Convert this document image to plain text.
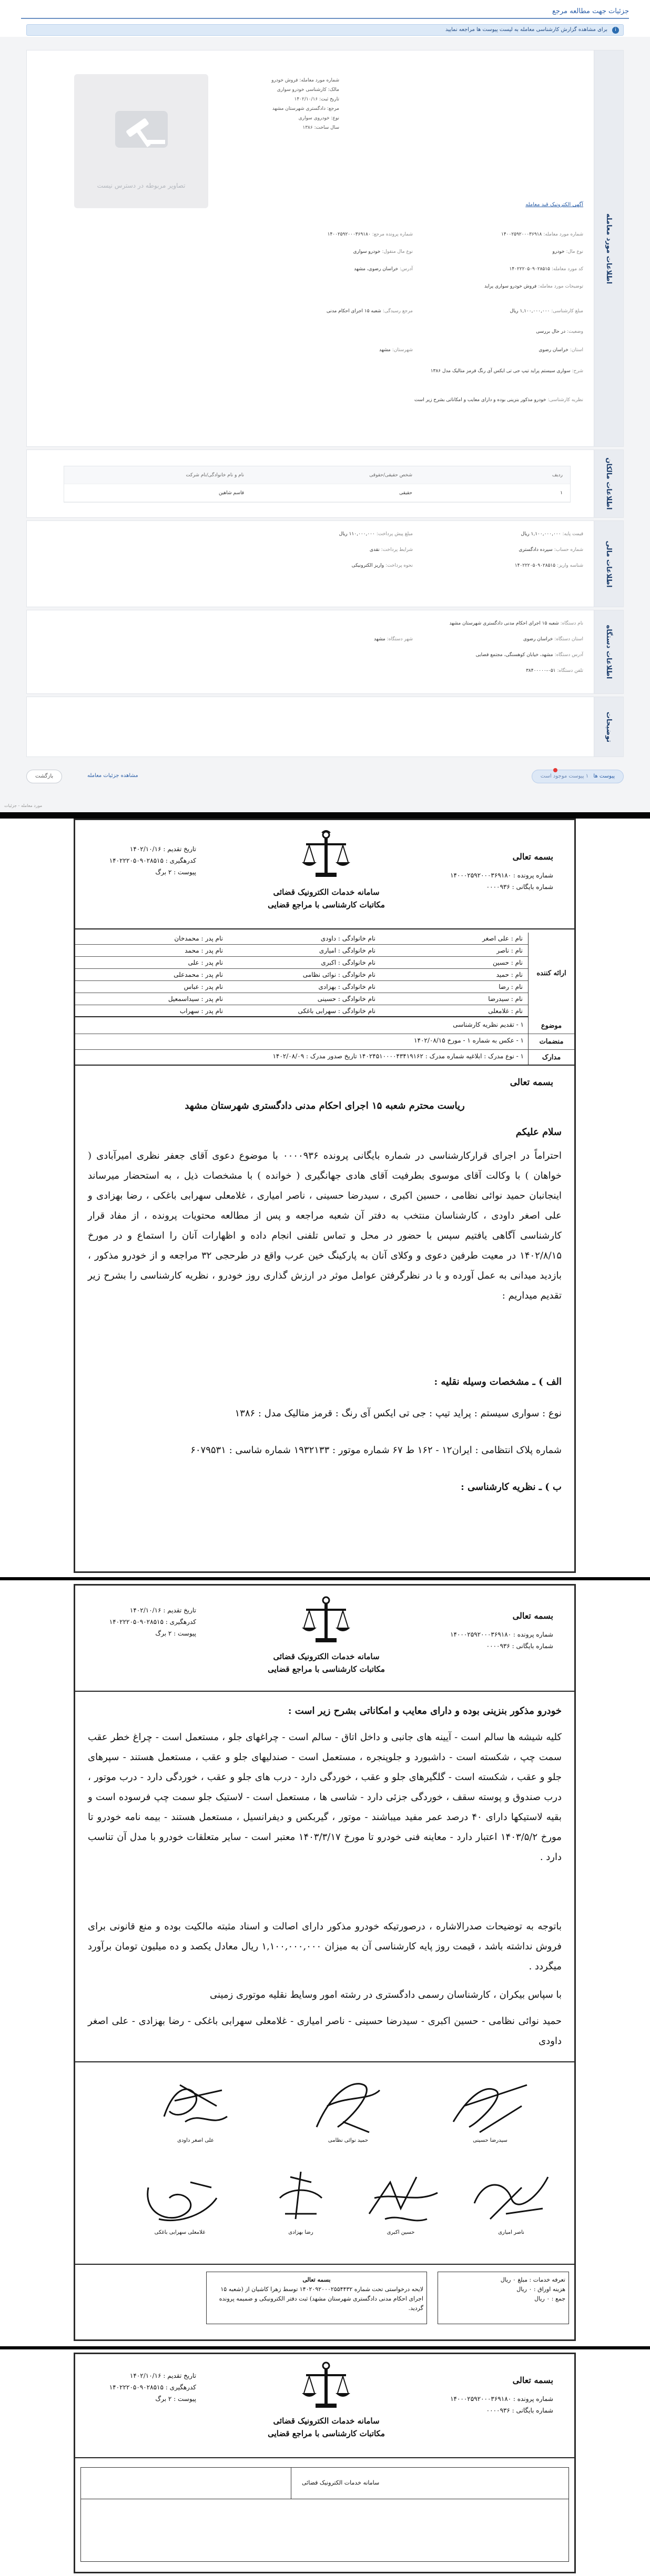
جزئیات جهت مطالعه مرجع
i
برای مشاهده گزارش کارشناسی معامله به لیست پیوست ها مراجعه نمایید
اطلاعات مورد معامله
تصاویر مربوطه در دسترس نیست
شماره مورد معامله: فروش خودرو
مالک: کارشناسی خودرو سواری
تاریخ ثبت: ۱۴۰۲/۱۰/۱۶
مرجع: دادگستری شهرستان مشهد
نوع: خودروی سواری
سال ساخت: ۱۳۸۶
آگهی الکترونیک قید معامله
شماره مورد معامله:۱۴۰۰۲۵۹۲۰۰۰۳۶۹۱۸
شماره پرونده مرجع:۱۴۰۰۲۵۹۲۰۰۰۳۶۹۱۸۰
نوع مال:خودرو
نوع مال منقول:خودرو سواری
کد مورد معامله:۱۴۰۲۲۲۰۵۰۹۰۲۸۵۱۵
آدرس:خراسان رضوی، مشهد
توضیحات مورد معامله:فروش خودرو سواری پراید
مبلغ کارشناسی:۱,۱۰۰,۰۰۰,۰۰۰ ریال
مرجع رسیدگی:شعبه ۱۵ اجرای احکام مدنی
وضعیت:در حال بررسی
استان:خراسان رضوی
شهرستان:مشهد
شرح:سواری سیستم پراید تیپ جی تی ایکس آی رنگ قرمز متالیک مدل ۱۳۸۶
نظریه کارشناسی:خودرو مذکور بنزینی بوده و دارای معایب و امکاناتی بشرح زیر است
اطلاعات مالکان
ردیف
شخص حقیقی/حقوقی
نام و نام خانوادگی/نام شرکت
۱
حقیقی
قاسم شاهین
اطلاعات مالی
قیمت پایه:۱,۱۰۰,۰۰۰,۰۰۰ ریال
مبلغ پیش پرداخت:۱۱۰,۰۰۰,۰۰۰ ریال
شماره حساب:سپرده دادگستری
شرایط پرداخت:نقدی
شناسه واریز:۱۴۰۲۲۲۰۵۰۹۰۲۸۵۱۵
نحوه پرداخت:واریز الکترونیکی
اطلاعات دستگاه
نام دستگاه:شعبه ۱۵ اجرای احکام مدنی دادگستری شهرستان مشهد
استان دستگاه:خراسان رضوی
شهر دستگاه:مشهد
آدرس دستگاه:مشهد، خیابان کوهسنگی، مجتمع قضایی
تلفن دستگاه:۰۵۱-۳۸۴۰۰۰۰۰
توضیحات
بازگشت	مشاهده جزئیات معامله	پیوست ها ۱ پیوست موجود است
مورد معامله - جزئیات
بسمه تعالی
شماره پرونده : ۱۴۰۰۰۲۵۹۲۰۰۰۳۶۹۱۸۰
شماره بایگانی : ۰۰۰۰۹۳۶
تاریخ تقدیم : ۱۴۰۲/۱۰/۱۶
کدرهگیری : ۱۴۰۲۲۲۰۵۰۹۰۲۸۵۱۵
پیوست : ۲ برگ
سامانه خدمات الکترونیک قضائی
مکاتبات کارشناسی با مراجع قضایی
ارائه کننده
نام : علی اصغر
نام خانوادگی : داودی
نام پدر : محمدخان
نام : ناصر
نام خانوادگی : امیاری
نام پدر : محمد
نام : حسین
نام خانوادگی : اکبری
نام پدر : علی
نام : حمید
نام خانوادگی : نوائی نظامی
نام پدر : محمدعلی
نام : رضا
نام خانوادگی : بهزادی
نام پدر : عباس
نام : سیدرضا
نام خانوادگی : حسینی
نام پدر : سیداسمعیل
نام : غلامعلی
نام خانوادگی : سهرابی باغکی
نام پدر : سهراب
موضوع
۱ - تقدیم نظریه کارشناسی
منضمات
۱ - عکس به شماره ۱ - مورخ ۱۴۰۲/۰۸/۱۵
مدارک
۱ - نوع مدرک : ابلاغیه شماره مدرک : ۱۴۰۲۴۵۱۰۰۰۰۴۳۴۱۹۱۶۲ تاریخ صدور مدرک : ۱۴۰۲/۰۸/۰۹

بسمه تعالی

ریاست محترم شعبه ۱۵ اجرای احکام مدنی دادگستری شهرستان مشهد

سلام علیکم

احتراماً در اجرای قرارکارشناسی در شماره بایگانی پرونده ۰۰۰۰۹۳۶ با موضوع دعوی آقای جعفر نظری امیرآبادی ( خواهان ) با وکالت آقای موسوی بطرفیت آقای هادی جهانگیری ( خوانده ) با مشخصات ذیل ، به استحضار میرساند اینجانبان حمید نوائی نظامی ، حسین اکبری ، سیدرضا حسینی ، ناصر امیاری ، غلامعلی سهرابی باغکی ، رضا بهزادی و علی اصغر داودی ، کارشناسان منتخب به دفتر آن شعبه مراجعه و پس از مطالعه محتویات پرونده ، از مفاد قرار کارشناسی آگاهی یافتیم سپس با حضور در محل و تماس تلفنی انجام داده و اظهارات آنان را استماع و در مورخ ۱۴۰۲/۸/۱۵ در معیت طرفین دعوی و وکلای آنان به پارکینگ خین عرب واقع در طرحجی ۳۲ مراجعه و از خودرو مذکور ، بازدید میدانی به عمل آورده و با در نظرگرفتن عوامل موثر در ارزش گذاری روز خودرو ، نظریه کارشناسی را بشرح زیر تقدیم میداریم :

الف ) ـ مشخصات وسیله نقلیه :

نوع : سواری سیستم : پراید تیپ : جی تی ایکس آی رنگ : قرمز متالیک مدل : ۱۳۸۶

شماره پلاک انتظامی : ایران۱۲ - ۱۶۲ ط ۶۷ شماره موتور : ۱۹۳۲۱۳۳ شماره شاسی : ۶۰۷۹۵۳۱

ب ) ـ نظریه کارشناسی :

بسمه تعالی
شماره پرونده : ۱۴۰۰۰۲۵۹۲۰۰۰۳۶۹۱۸۰
شماره بایگانی : ۰۰۰۰۹۳۶
تاریخ تقدیم : ۱۴۰۲/۱۰/۱۶
کدرهگیری : ۱۴۰۲۲۲۰۵۰۹۰۲۸۵۱۵
پیوست : ۲ برگ
سامانه خدمات الکترونیک قضائی
مکاتبات کارشناسی با مراجع قضایی

خودرو مذکور بنزینی بوده و دارای معایب و امکاناتی بشرح زیر است :

کلیه شیشه ها سالم است - آیینه های جانبی و داخل اتاق - سالم است - چراغهای جلو ، مستعمل است - چراغ خطر عقب سمت چپ ، شکسته است - داشبورد و جلوپنجره ، مستعمل است - صندلیهای جلو و عقب ، مستعمل هستند - سپرهای جلو و عقب ، شکسته است - گلگیرهای جلو و عقب ، خوردگی دارد - درب های جلو و عقب ، خوردگی دارد - درب موتور ، درب صندوق و پوسته سقف ، خوردگی جزئی دارد - شاسی ها ، مستعمل است - لاستیک جلو سمت چپ فرسوده است و بقیه لاستیکها دارای ۴۰ درصد عمر مفید میباشند - موتور ، گیربکس و دیفرانسیل ، مستعمل هستند - بیمه نامه خودرو تا مورخ ۱۴۰۳/۵/۲ اعتبار دارد - معاینه فنی خودرو تا مورخ ۱۴۰۳/۳/۱۷ معتبر است - سایر متعلقات خودرو با مدل آن تناسب دارد .

باتوجه به توضیحات صدرالاشاره ، درصورتیکه خودرو مذکور دارای اصالت و اسناد مثبته مالکیت بوده و منع قانونی برای فروش نداشته باشد ، قیمت روز پایه کارشناسی آن به میزان ۱,۱۰۰,۰۰۰,۰۰۰ ریال معادل یکصد و ده میلیون تومان برآورد میگردد .

با سپاس بیکران ، کارشناسان رسمی دادگستری در رشته امور وسایط نقلیه موتوری زمینی

حمید نوائی نظامی - حسین اکبری - سیدرضا حسینی - ناصر امیاری - غلامعلی سهرابی باغکی - رضا بهزادی - علی اصغر داودی

سیدرضا حسینی
حمید نوائی نظامی
علی اصغر داودی
ناصر امیاری
حسین اکبری
رضا بهزادی
غلامعلی سهرابی باغکی
تعرفه خدمات : مبلغ ۰ ریال
هزینه اوراق : ۰ ریال
جمع : ۰ ریال
بسمه تعالی
لایحه درخواستی تحت شماره ۱۴۰۲۰۹۲۰۰۰۲۵۵۴۴۳۲ توسط زهرا کاشیان از (شعبه ۱۵ اجرای احکام مدنی دادگستری شهرستان مشهد) ثبت دفتر الکترونیکی و ضمیمه پرونده گردید.
بسمه تعالی
شماره پرونده : ۱۴۰۰۰۲۵۹۲۰۰۰۳۶۹۱۸۰
شماره بایگانی : ۰۰۰۰۹۳۶
تاریخ تقدیم : ۱۴۰۲/۱۰/۱۶
کدرهگیری : ۱۴۰۲۲۲۰۵۰۹۰۲۸۵۱۵
پیوست : ۲ برگ
سامانه خدمات الکترونیک قضائی
مکاتبات کارشناسی با مراجع قضایی
سامانه خدمات الکترونیک قضائی
